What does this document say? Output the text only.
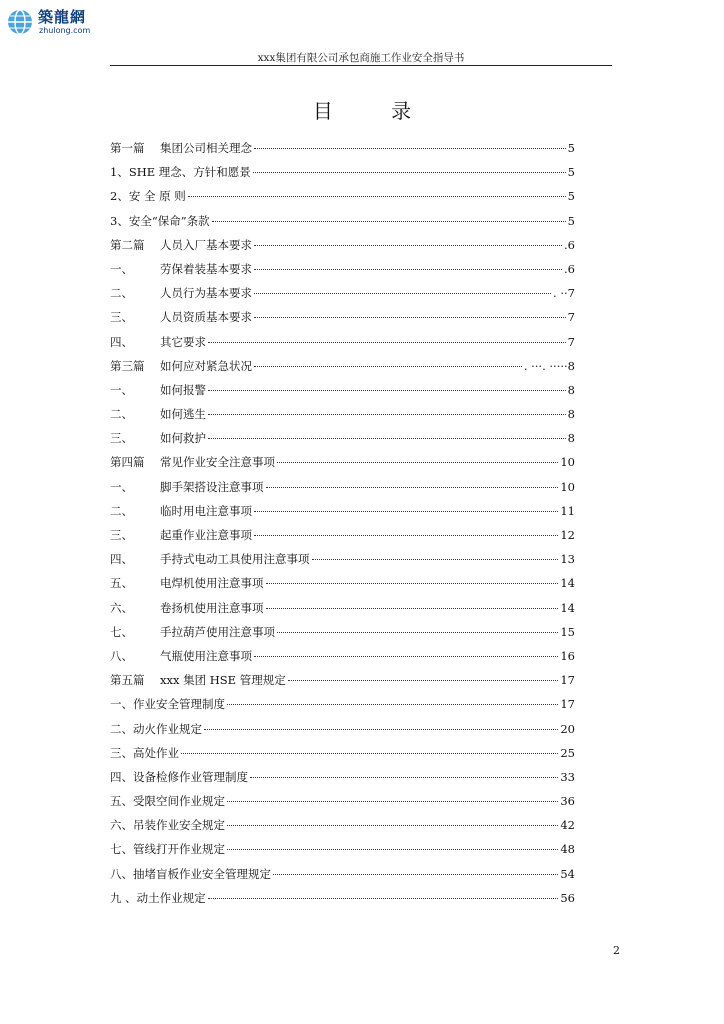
築龍網
zhulong.com
xxx集团有限公司承包商施工作业安全指导书
目 录
第一篇	集团公司相关理念	5
1、 SHE 理念、方针和愿景	5
2、 安 全 原 则	5
3、 安全“保命”条款	5
第二篇	人员入厂基本要求	.6
一、	劳保着装基本要求	.6
二、	人员行为基本要求	. ··7
三、	人员资质基本要求	7
四、	其它要求	7
第三篇	如何应对紧急状况	. ···. ·····8
一、	如何报警	8
二、	如何逃生	8
三、	如何救护	8
第四篇	常见作业安全注意事项	10
一、	脚手架搭设注意事项	10
二、	临时用电注意事项	11
三、	起重作业注意事项	12
四、	手持式电动工具使用注意事项	13
五、	电焊机使用注意事项	14
六、	卷扬机使用注意事项	14
七、	手拉葫芦使用注意事项	15
八、	气瓶使用注意事项	16
第五篇	xxx 集团 HSE 管理规定	17
一、 作业安全管理制度	17
二、 动火作业规定	20
三、 高处作业	25
四、 设备检修作业管理制度	33
五、 受限空间作业规定	36
六、 吊装作业安全规定	42
七、 管线打开作业规定	48
八、 抽堵盲板作业安全管理规定	54
九 、 动土作业规定	56
2
